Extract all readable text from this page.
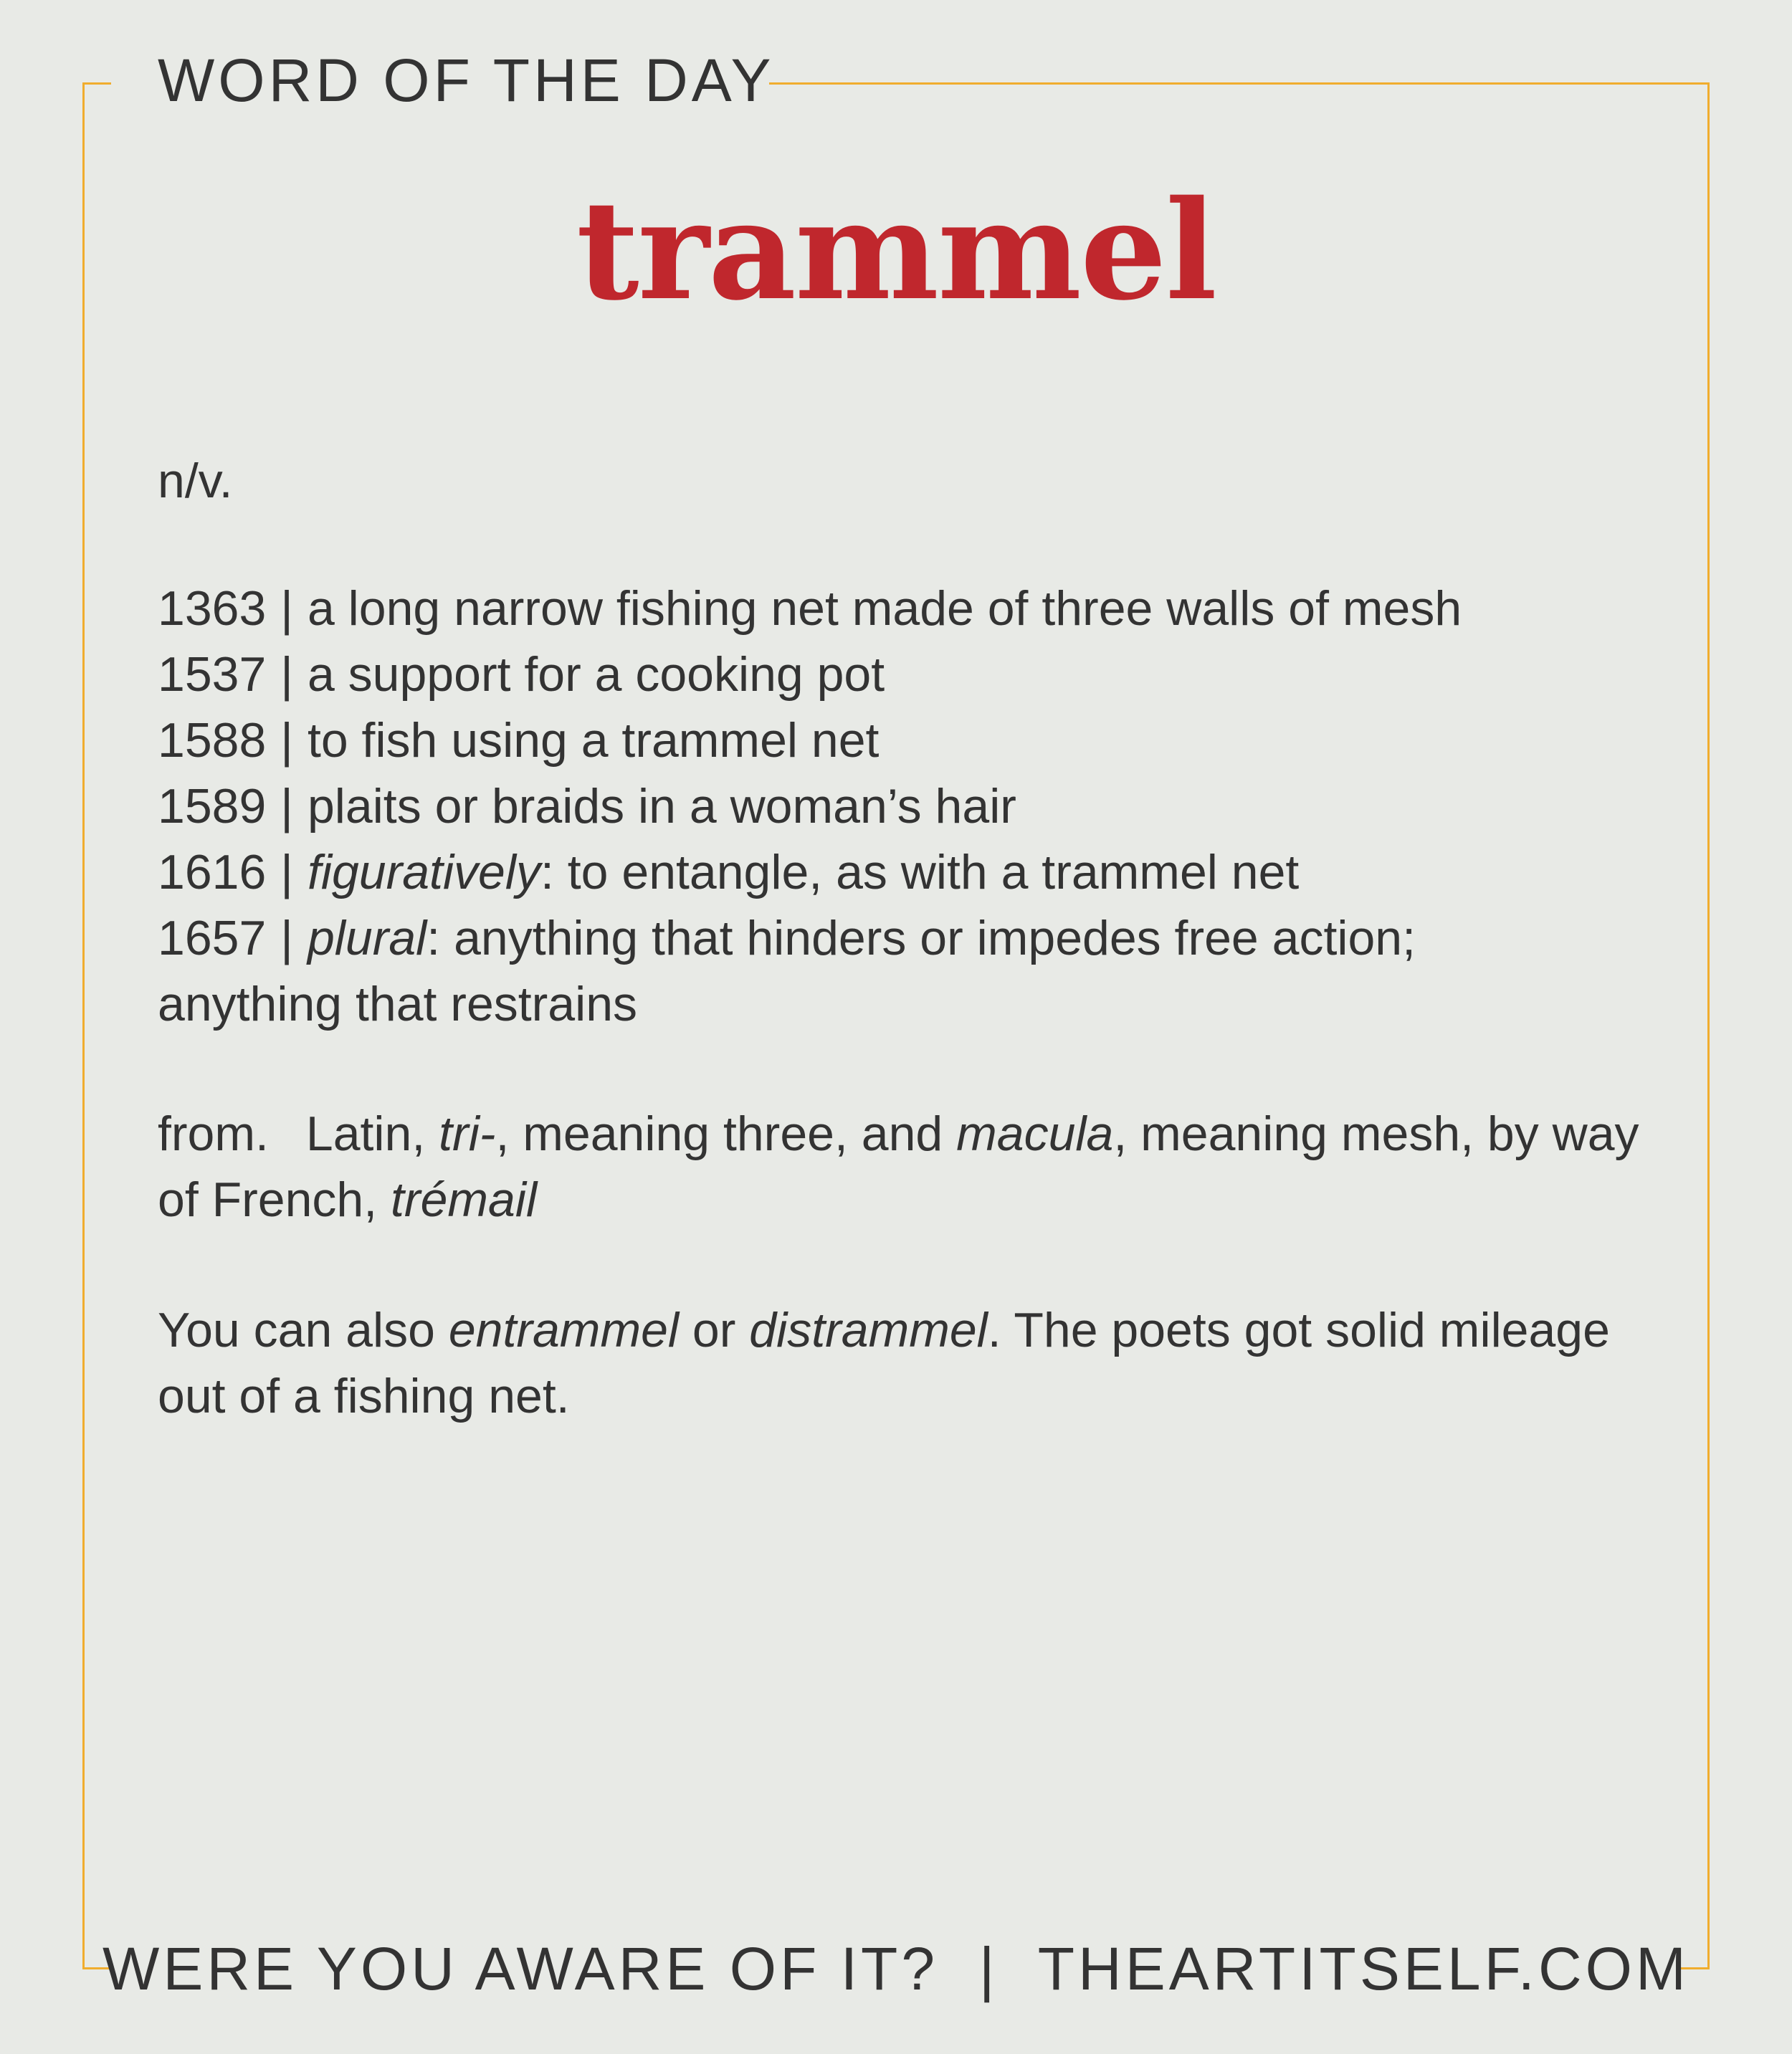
WORD OF THE DAY
trammel
n/v.
1363 | a long narrow fishing net made of three walls of mesh
1537 | a support for a cooking pot
1588 | to fish using a trammel net
1589 | plaits or braids in a woman’s hair
1616 | figuratively: to entangle, as with a trammel net
1657 | plural: anything that hinders or impedes free action;
anything that restrains
from. Latin, tri-, meaning three, and macula, meaning mesh, by way of French, trémail
You can also entrammel or distrammel. The poets got solid mileage out of a fishing net.
WERE YOU AWARE OF IT?  |  THEARTITSELF.COM
